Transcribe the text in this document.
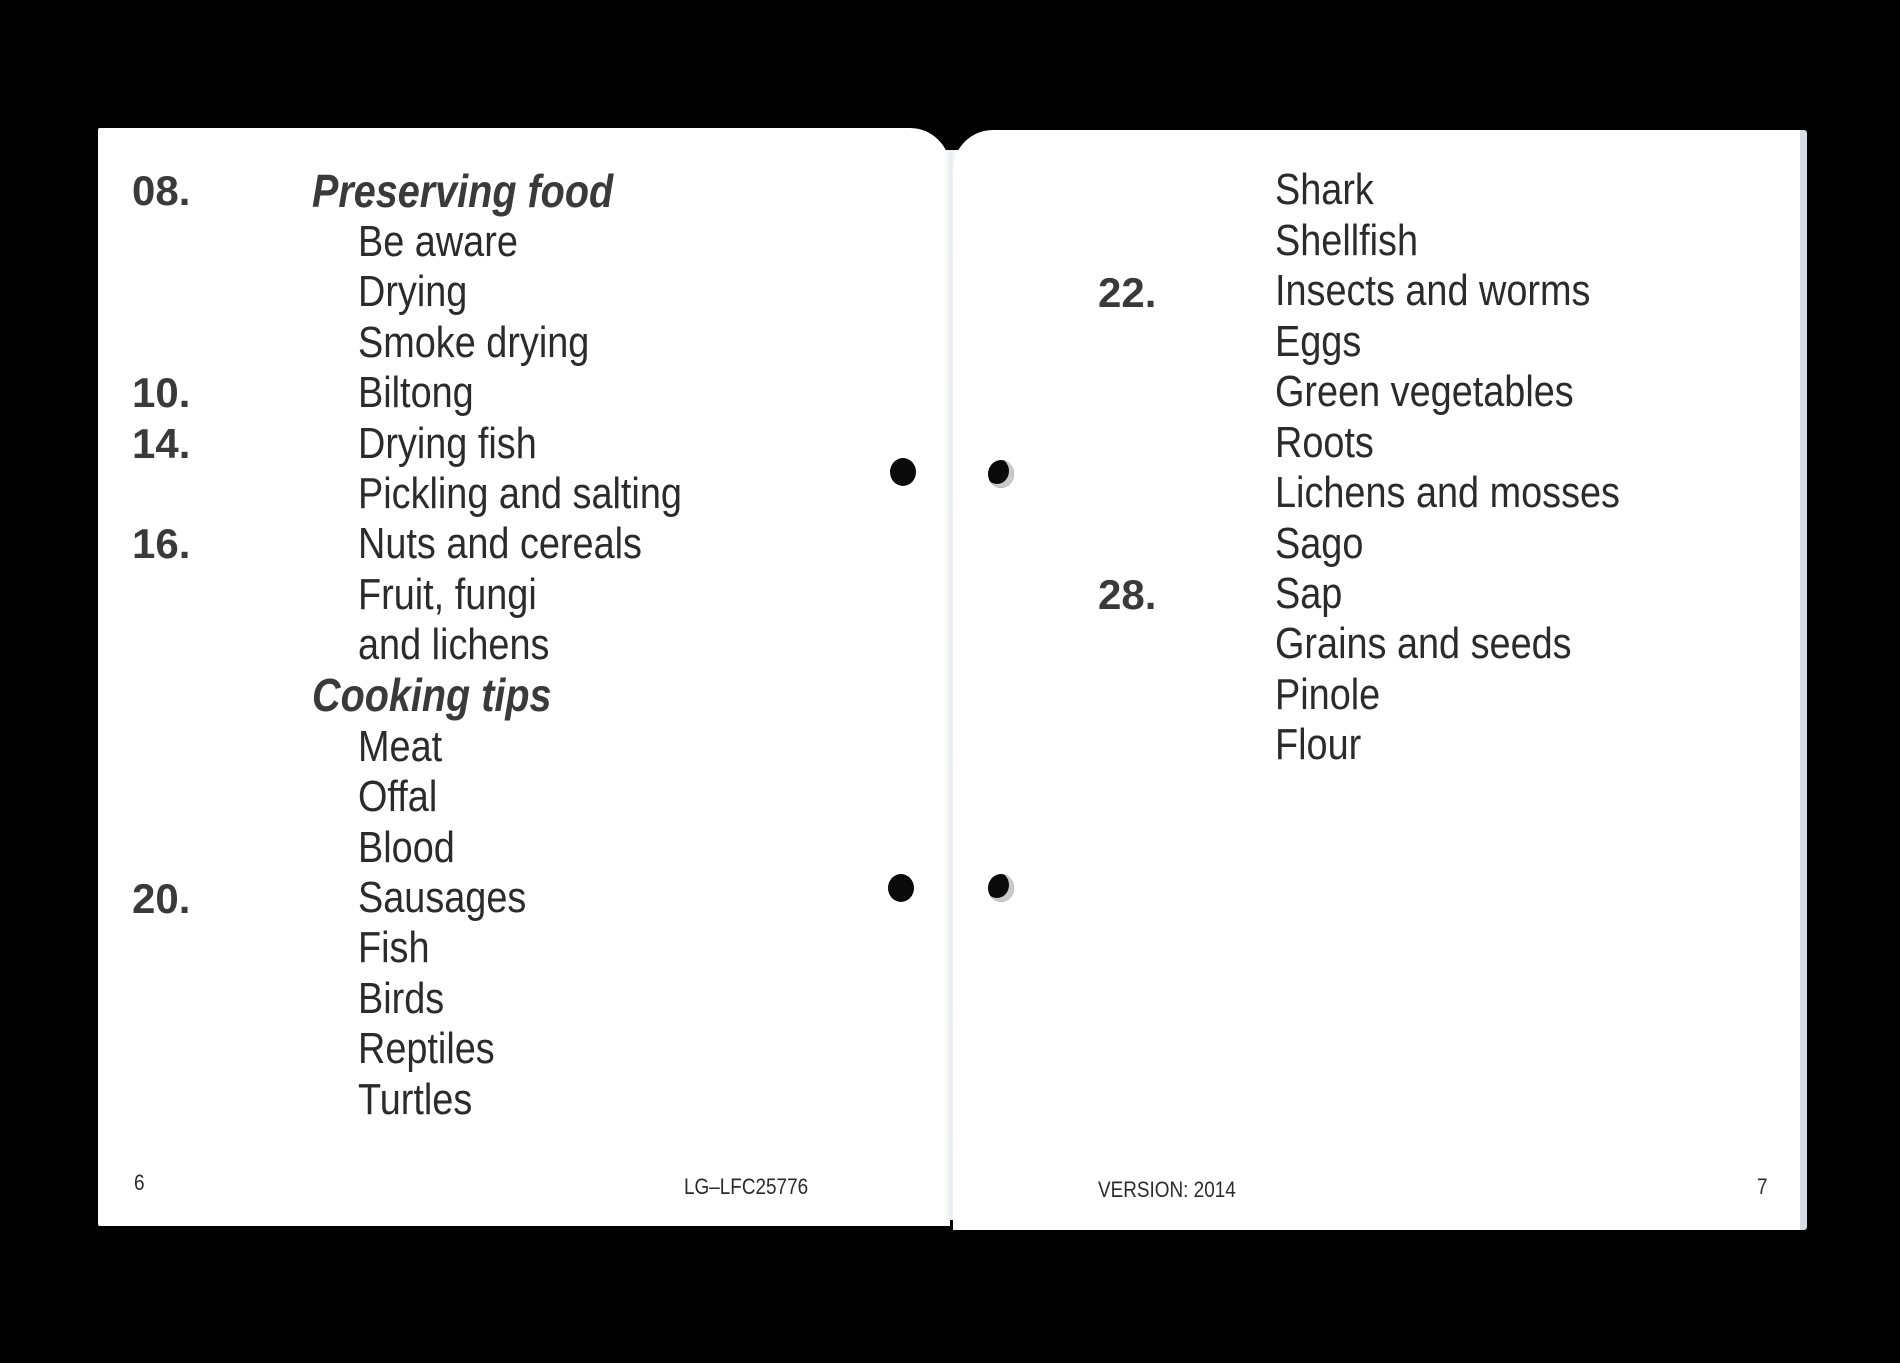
08.
10.
14.
16.
20.
Preserving food
Cooking tips
Be aware
Drying
Smoke drying
Biltong
Drying fish
Pickling and salting
Nuts and cereals
Fruit, fungi
and lichens
Meat
Offal
Blood
Sausages
Fish
Birds
Reptiles
Turtles
6	LG–LFC25776
22.
28.
Shark
Shellfish
Insects and worms
Eggs
Green vegetables
Roots
Lichens and mosses
Sago
Sap
Grains and seeds
Pinole
Flour
VERSION: 2014	7
